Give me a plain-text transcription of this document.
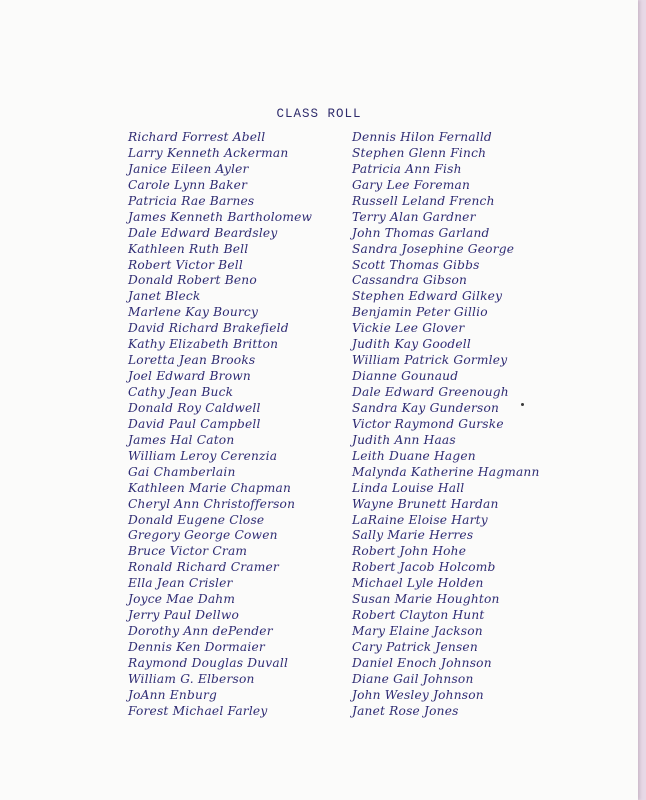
CLASS ROLL
Richard Forrest Abell
Larry Kenneth Ackerman
Janice Eileen Ayler
Carole Lynn Baker
Patricia Rae Barnes
James Kenneth Bartholomew
Dale Edward Beardsley
Kathleen Ruth Bell
Robert Victor Bell
Donald Robert Beno
Janet Bleck
Marlene Kay Bourcy
David Richard Brakefield
Kathy Elizabeth Britton
Loretta Jean Brooks
Joel Edward Brown
Cathy Jean Buck
Donald Roy Caldwell
David Paul Campbell
James Hal Caton
William Leroy Cerenzia
Gai Chamberlain
Kathleen Marie Chapman
Cheryl Ann Christofferson
Donald Eugene Close
Gregory George Cowen
Bruce Victor Cram
Ronald Richard Cramer
Ella Jean Crisler
Joyce Mae Dahm
Jerry Paul Dellwo
Dorothy Ann dePender
Dennis Ken Dormaier
Raymond Douglas Duvall
William G. Elberson
JoAnn Enburg
Forest Michael Farley
Dennis Hilon Fernalld
Stephen Glenn Finch
Patricia Ann Fish
Gary Lee Foreman
Russell Leland French
Terry Alan Gardner
John Thomas Garland
Sandra Josephine George
Scott Thomas Gibbs
Cassandra Gibson
Stephen Edward Gilkey
Benjamin Peter Gillio
Vickie Lee Glover
Judith Kay Goodell
William Patrick Gormley
Dianne Gounaud
Dale Edward Greenough
Sandra Kay Gunderson
Victor Raymond Gurske
Judith Ann Haas
Leith Duane Hagen
Malynda Katherine Hagmann
Linda Louise Hall
Wayne Brunett Hardan
LaRaine Eloise Harty
Sally Marie Herres
Robert John Hohe
Robert Jacob Holcomb
Michael Lyle Holden
Susan Marie Houghton
Robert Clayton Hunt
Mary Elaine Jackson
Cary Patrick Jensen
Daniel Enoch Johnson
Diane Gail Johnson
John Wesley Johnson
Janet Rose Jones
